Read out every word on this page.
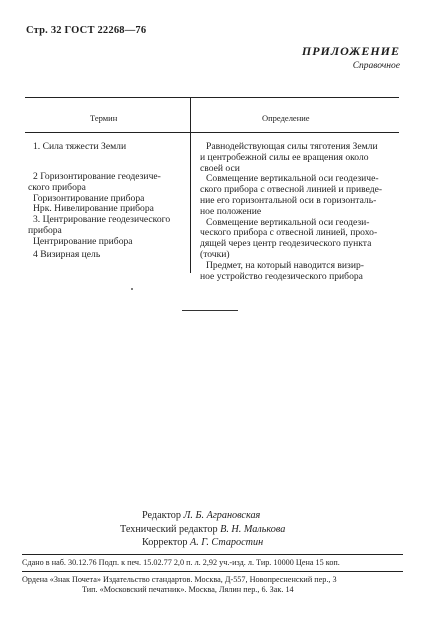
Стр. 32 ГОСТ 22268—76
ПРИЛОЖЕНИЕ
Справочное
Термин	Определение
1. Сила тяжести Земли
2 Горизонтирование геодезиче-
ского прибора
Горизонтирование прибора
Нрк. Нивелирование прибора
3. Центрирование геодезического
прибора
Центрирование прибора
4 Визирная цель
Равнодействующая силы тяготения Земли
и центробежной силы ее вращения около
своей оси
Совмещение вертикальной оси геодезиче-
ского прибора с отвесной линией и приведе-
ние его горизонтальной оси в горизонталь-
ное положение
Совмещение вертикальной оси геодези-
ческого прибора с отвесной линией, прохо-
дящей через центр геодезического пункта
(точки)
Предмет, на который наводится визир-
ное устройство геодезического прибора
Редактор Л. Б. Аграновская
Технический редактор В. Н. Малькова
Корректор А. Г. Старостин
Сдано в наб. 30.12.76 Подп. к печ. 15.02.77 2,0 п. л. 2,92 уч.-изд. л. Тир. 10000 Цена 15 коп.
Ордена «Знак Почета» Издательство стандартов. Москва, Д-557, Новопресненский пер., 3
Тип. «Московский печатник». Москва, Лялин пер., 6. Зак. 14
